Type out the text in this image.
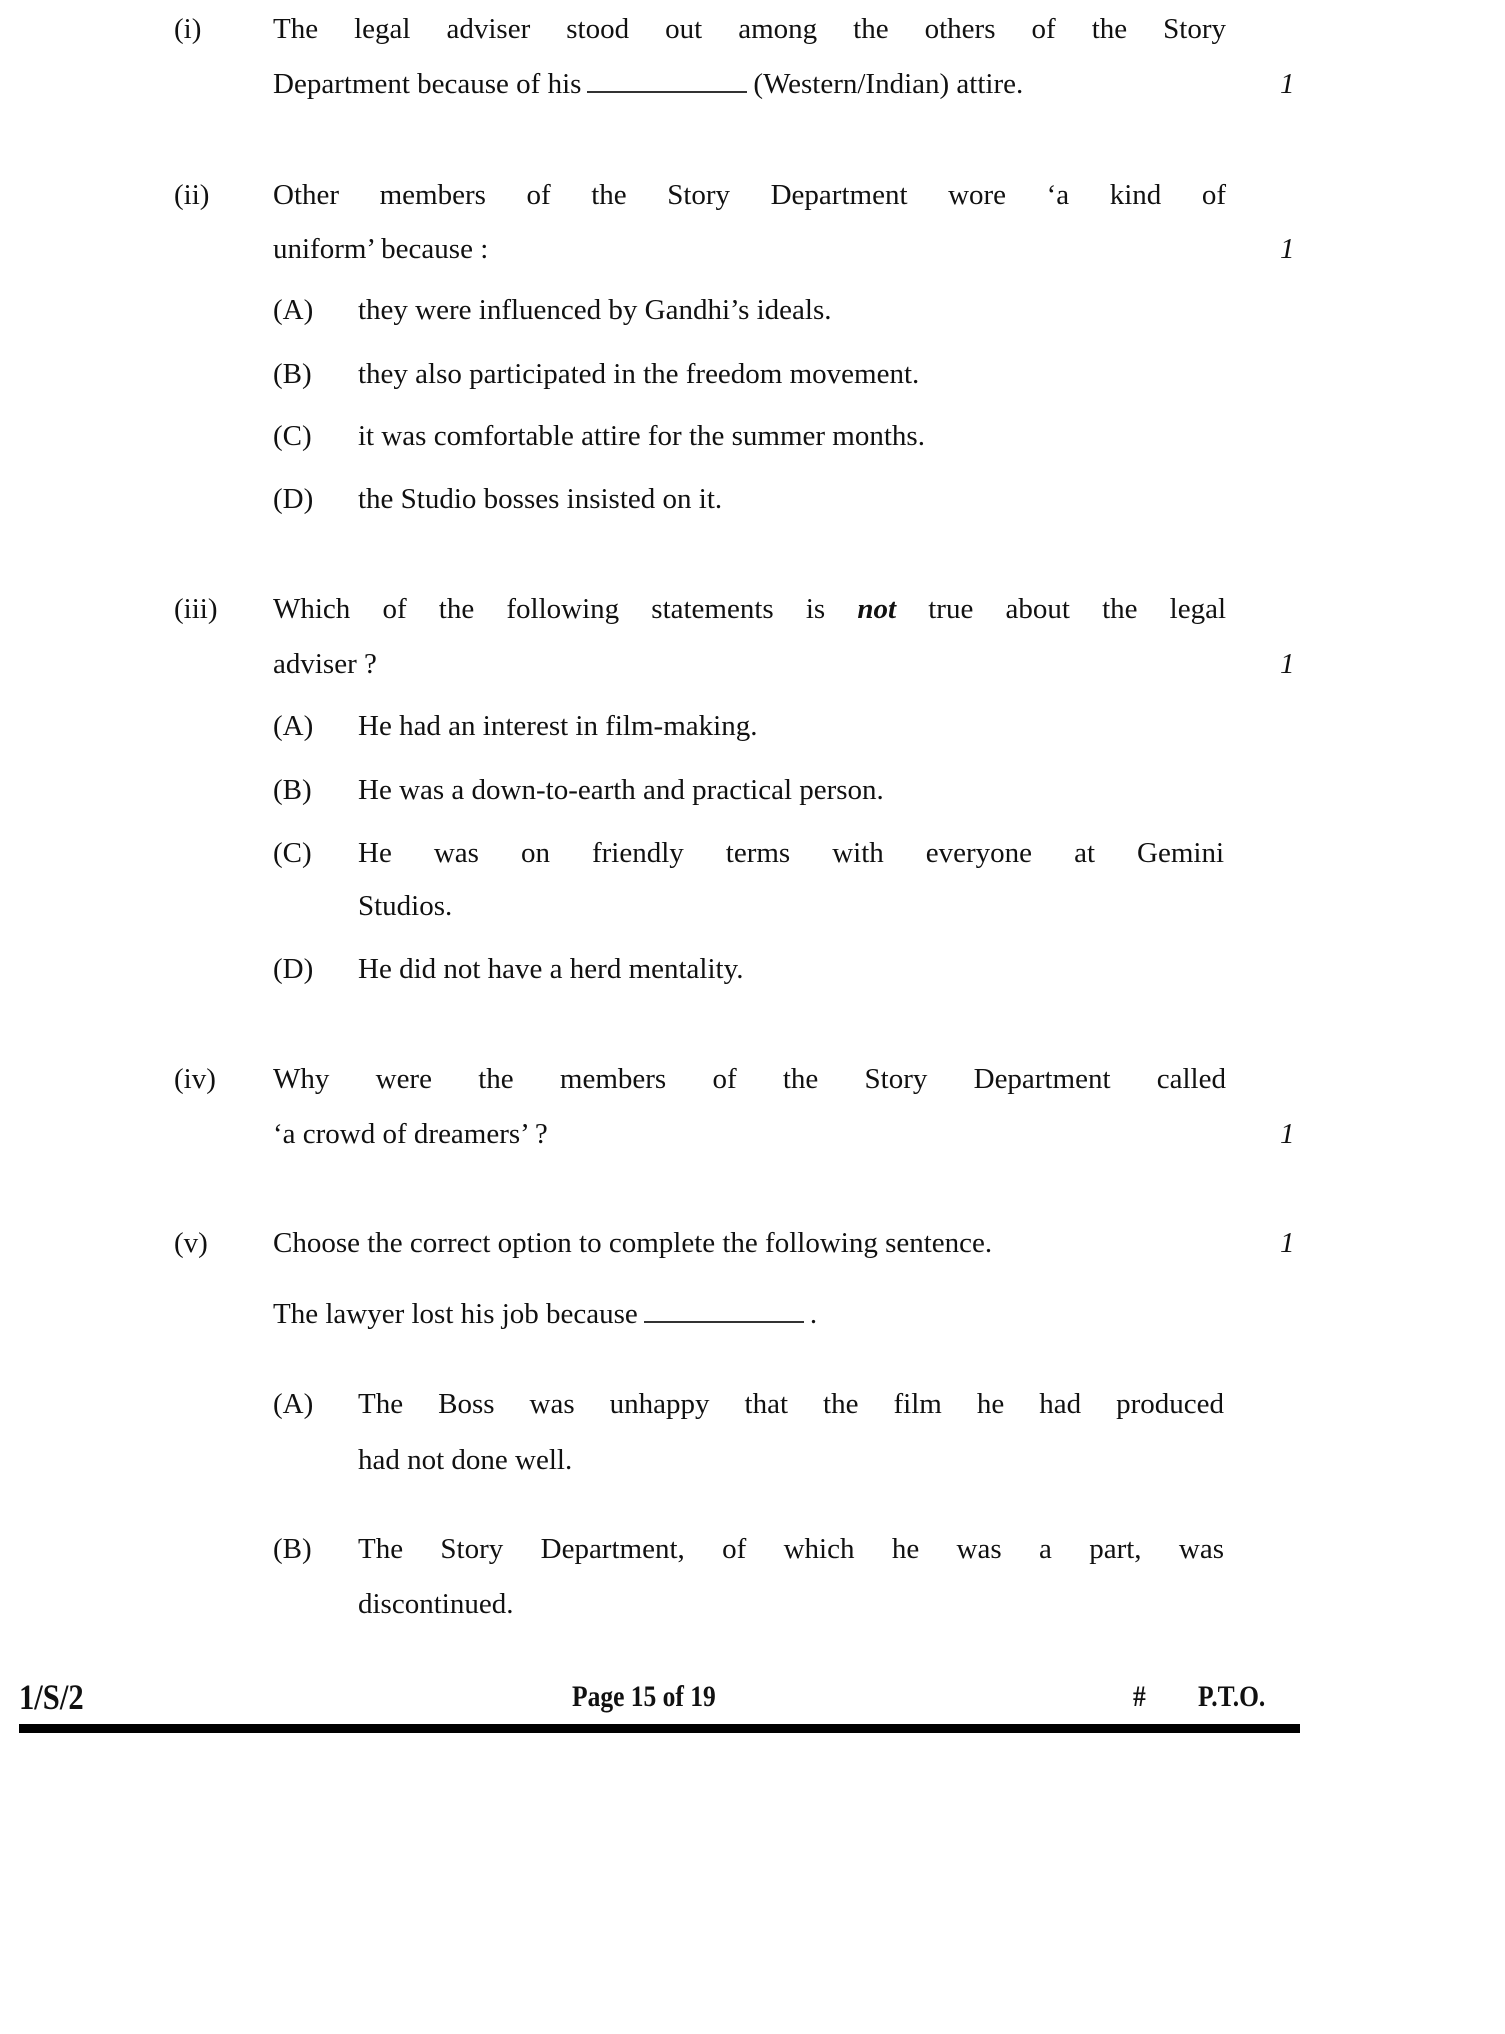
(i) The legal adviser stood out among the others of the Story
Department because of his	(Western/Indian) attire.	1
(ii) Other members of the Story Department wore ‘a kind of
uniform’ because :	1
(A) they were influenced by Gandhi’s ideals.
(B) they also participated in the freedom movement.
(C) it was comfortable attire for the summer months.
(D) the Studio bosses insisted on it.
(iii) Which of the following statements is not true about the legal
adviser ?	1
(A) He had an interest in film-making.
(B) He was a down-to-earth and practical person.
(C) He was on friendly terms with everyone at Gemini
Studios.
(D) He did not have a herd mentality.
(iv) Why were the members of the Story Department called
‘a crowd of dreamers’ ?	1
(v) Choose the correct option to complete the following sentence.	1
The lawyer lost his job because	.
(A) The Boss was unhappy that the film he had produced
had not done well.
(B) The Story Department, of which he was a part, was
discontinued.
1/S/2	Page 15 of 19	# P.T.O.
